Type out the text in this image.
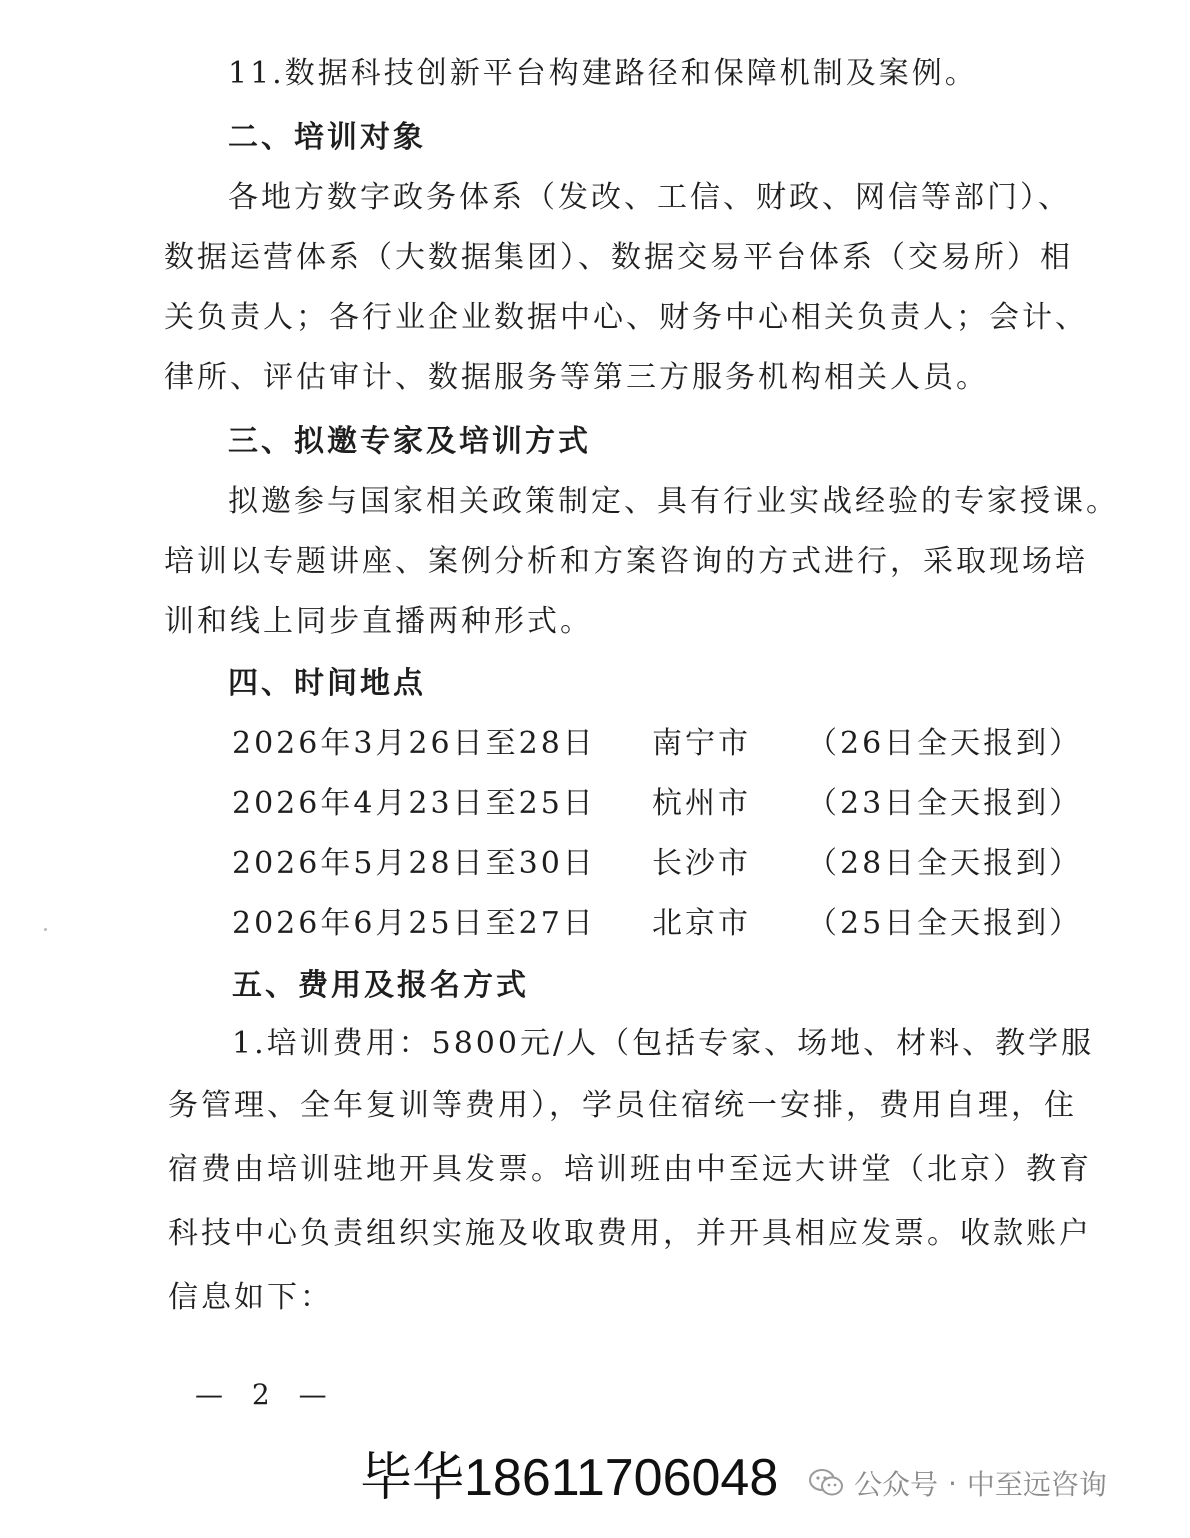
11.数据科技创新平台构建路径和保障机制及案例。
二、培训对象
各地方数字政务体系（发改、工信、财政、网信等部门）、
数据运营体系（大数据集团）、数据交易平台体系（交易所）相
关负责人；各行业企业数据中心、财务中心相关负责人；会计、
律所、评估审计、数据服务等第三方服务机构相关人员。
三、拟邀专家及培训方式
拟邀参与国家相关政策制定、具有行业实战经验的专家授课。
培训以专题讲座、案例分析和方案咨询的方式进行，采取现场培
训和线上同步直播两种形式。
四、时间地点
2026年3月26日至28日 南宁市 （26日全天报到）
2026年4月23日至25日 杭州市 （23日全天报到）
2026年5月28日至30日 长沙市 （28日全天报到）
2026年6月25日至27日 北京市 （25日全天报到）
五、费用及报名方式
1.培训费用：5800元/人（包括专家、场地、材料、教学服
务管理、全年复训等费用），学员住宿统一安排，费用自理，住
宿费由培训驻地开具发票。培训班由中至远大讲堂（北京）教育
科技中心负责组织实施及收取费用，并开具相应发票。收款账户
信息如下：
— 2 —
毕华18611706048	公众号 · 中至远咨询
